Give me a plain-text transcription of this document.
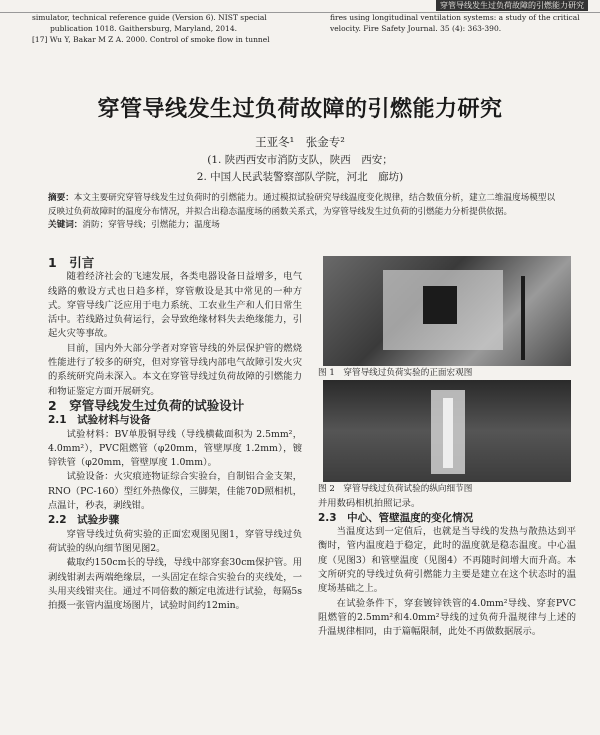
穿管导线发生过负荷故障的引燃能力研究

simulator, technical reference guide (Version 6). NIST special publication 1018. Gaithersburg, Maryland, 2014.

[17] Wu Y, Bakar M Z A. 2000. Control of smoke flow in tunnel

fires using longitudinal ventilation systems: a study of the critical velocity. Fire Safety Journal. 35 (4): 363-390.

穿管导线发生过负荷故障的引燃能力研究
王亚冬¹　张金专²
(1. 陕西西安市消防支队，陕西　西安；
2. 中国人民武装警察部队学院，河北　廊坊)

摘要：本文主要研究穿管导线发生过负荷时的引燃能力。通过模拟试验研究导线温度变化规律，结合数值分析，建立二维温度场模型以反映过负荷故障时的温度分布情况，并拟合出稳态温度场的函数关系式，为穿管导线发生过负荷的引燃能力分析提供依据。

关键词：消防；穿管导线；引燃能力；温度场

1　引言

随着经济社会的飞速发展，各类电器设备日益增多，电气线路的敷设方式也日趋多样，穿管敷设是其中常见的一种方式。穿管导线广泛应用于电力系统、工农业生产和人们日常生活中。若线路过负荷运行，会导致绝缘材料失去绝缘能力，引起火灾等事故。

目前，国内外大部分学者对穿管导线的外层保护管的燃烧性能进行了较多的研究，但对穿管导线内部电气故障引发火灾的系统研究尚未深入。本文在穿管导线过负荷故障的引燃能力和物证鉴定方面开展研究。

2　穿管导线发生过负荷的试验设计

2.1　试验材料与设备

试验材料：BV单股铜导线（导线横截面积为 2.5mm²，4.0mm²），PVC阻燃管（φ20mm，管壁厚度 1.2mm），镀锌铁管（φ20mm，管壁厚度 1.0mm）。

试验设备：火灾痕迹物证综合实验台，自制铝合金支架，RNO（PC-160）型红外热像仪，三脚架，佳能70D照相机，点温计，秒表，剥线钳。

2.2　试验步骤

穿管导线过负荷实验的正面宏观图见图1，穿管导线过负荷试验的纵向细节图见图2。

截取约150cm长的导线，导线中部穿套30cm保护管。用剥线钳剥去两端绝缘层，一头固定在综合实验台的夹线处，一头用夹线钳夹住。通过不同倍数的额定电流进行试验，每隔5s拍摄一张管内温度场图片，试验时间约12min。

图 1　穿管导线过负荷实验的正面宏观图

图 2　穿管导线过负荷试验的纵向细节图

并用数码相机拍照记录。

2.3　中心、管壁温度的变化情况

当温度达到一定值后，也就是当导线的发热与散热达到平衡时，管内温度趋于稳定，此时的温度就是稳态温度。中心温度（见图3）和管壁温度（见图4）不再随时间增大而升高。本文所研究的导线过负荷引燃能力主要是建立在这个状态时的温度场基础之上。

在试验条件下，穿套镀锌铁管的4.0mm²导线、穿套PVC阻燃管的2.5mm²和4.0mm²导线的过负荷升温规律与上述的升温规律相同，由于篇幅限制，此处不再做数据展示。
